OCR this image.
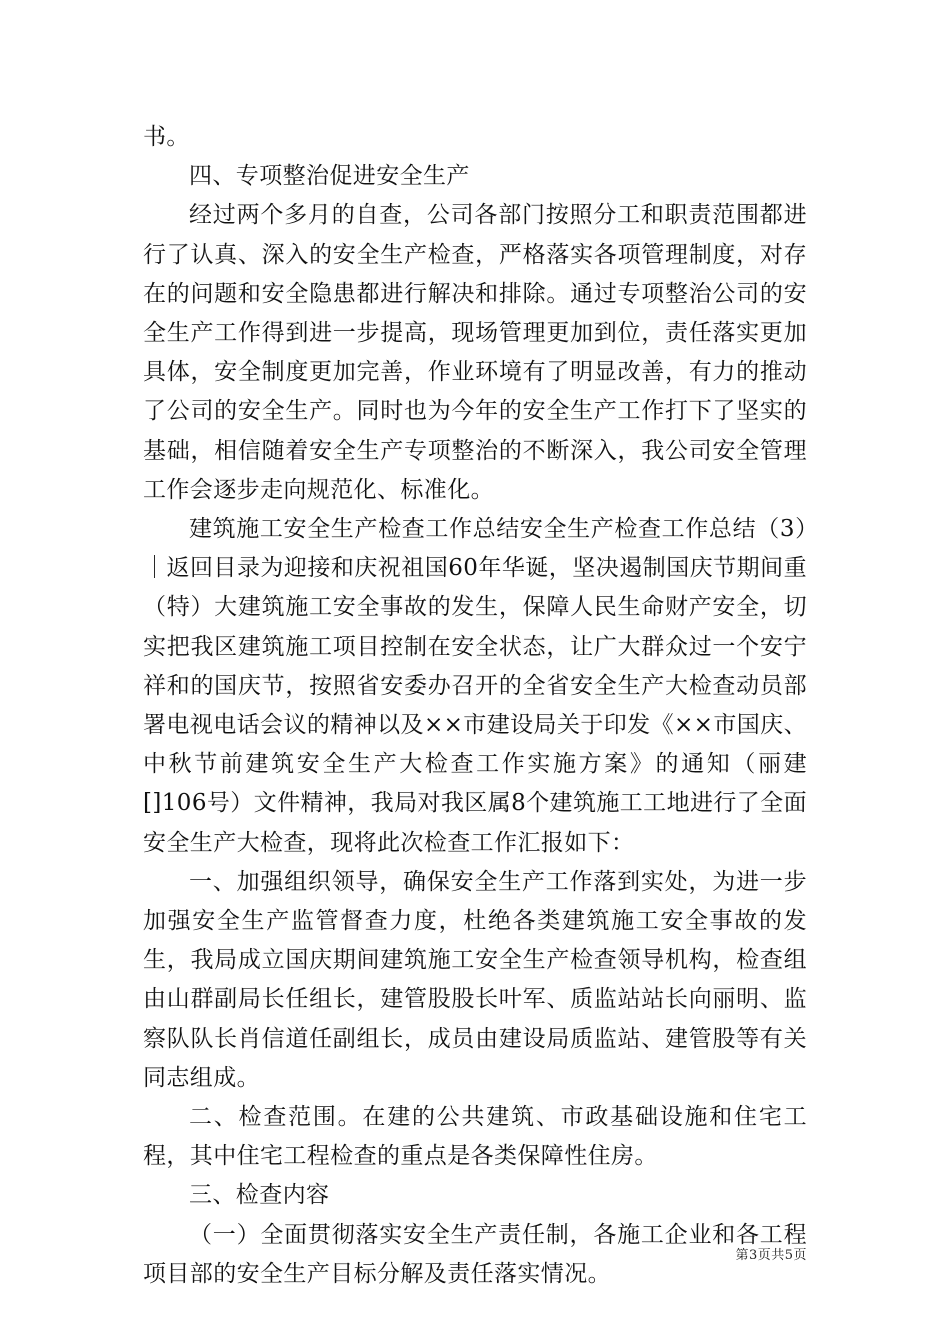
书。

四、专项整治促进安全生产

经过两个多月的自查，公司各部门按照分工和职责范围都进行了认真、深入的安全生产检查，严格落实各项管理制度，对存在的问题和安全隐患都进行解决和排除。通过专项整治公司的安全生产工作得到进一步提高，现场管理更加到位，责任落实更加具体，安全制度更加完善，作业环境有了明显改善，有力的推动了公司的安全生产。同时也为今年的安全生产工作打下了坚实的基础，相信随着安全生产专项整治的不断深入，我公司安全管理工作会逐步走向规范化、标准化。

建筑施工安全生产检查工作总结安全生产检查工作总结（3）｜返回目录为迎接和庆祝祖国60年华诞，坚决遏制国庆节期间重（特）大建筑施工安全事故的发生，保障人民生命财产安全，切实把我区建筑施工项目控制在安全状态，让广大群众过一个安宁祥和的国庆节，按照省安委办召开的全省安全生产大检查动员部署电视电话会议的精神以及××市建设局关于印发《××市国庆、中秋节前建筑安全生产大检查工作实施方案》的通知（丽建[]106号）文件精神，我局对我区属8个建筑施工工地进行了全面安全生产大检查，现将此次检查工作汇报如下：

一、加强组织领导，确保安全生产工作落到实处，为进一步加强安全生产监管督查力度，杜绝各类建筑施工安全事故的发生，我局成立国庆期间建筑施工安全生产检查领导机构，检查组由山群副局长任组长，建管股股长叶军、质监站站长向丽明、监察队队长肖信道任副组长，成员由建设局质监站、建管股等有关同志组成。

二、检查范围。在建的公共建筑、市政基础设施和住宅工程，其中住宅工程检查的重点是各类保障性住房。

三、检查内容

（一）全面贯彻落实安全生产责任制，各施工企业和各工程项目部的安全生产目标分解及责任落实情况。

第3页共5页
